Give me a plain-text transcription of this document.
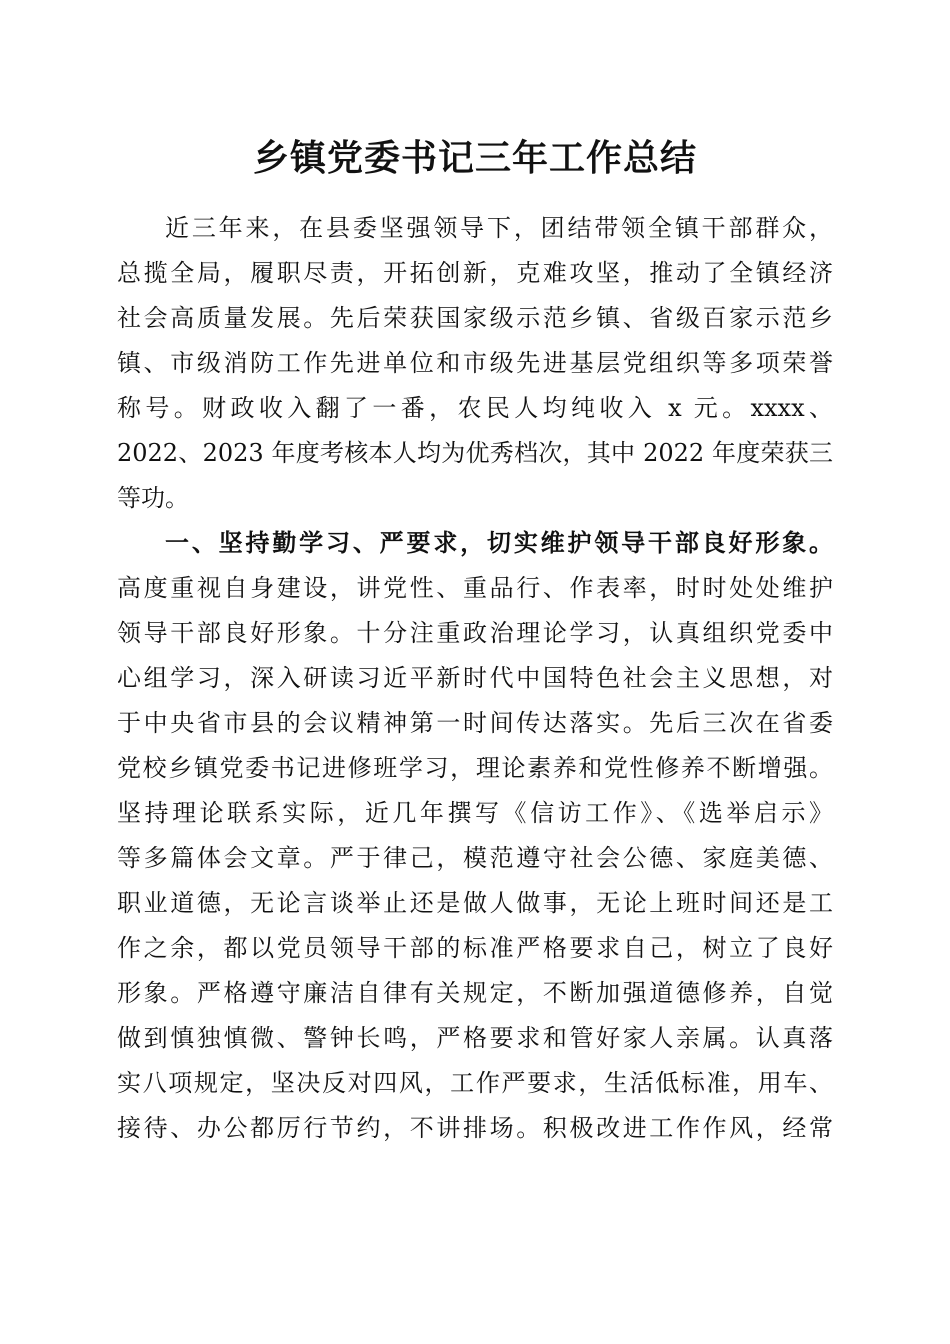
乡镇党委书记三年工作总结
近三年来，在县委坚强领导下，团结带领全镇干部群众，
总揽全局，履职尽责，开拓创新，克难攻坚，推动了全镇经济
社会高质量发展。先后荣获国家级示范乡镇、省级百家示范乡
镇、市级消防工作先进单位和市级先进基层党组织等多项荣誉
称号。财政收入翻了一番，农民人均纯收入 x 元。xxxx、
2022、2023 年度考核本人均为优秀档次，其中 2022 年度荣获三
等功。
一、坚持勤学习、严要求，切实维护领导干部良好形象。
高度重视自身建设，讲党性、重品行、作表率，时时处处维护
领导干部良好形象。十分注重政治理论学习，认真组织党委中
心组学习，深入研读习近平新时代中国特色社会主义思想，对
于中央省市县的会议精神第一时间传达落实。先后三次在省委
党校乡镇党委书记进修班学习，理论素养和党性修养不断增强。
坚持理论联系实际，近几年撰写《信访工作》、《选举启示》
等多篇体会文章。严于律己，模范遵守社会公德、家庭美德、
职业道德，无论言谈举止还是做人做事，无论上班时间还是工
作之余，都以党员领导干部的标准严格要求自己，树立了良好
形象。严格遵守廉洁自律有关规定，不断加强道德修养，自觉
做到慎独慎微、警钟长鸣，严格要求和管好家人亲属。认真落
实八项规定，坚决反对四风，工作严要求，生活低标准，用车、
接待、办公都厉行节约，不讲排场。积极改进工作作风，经常
